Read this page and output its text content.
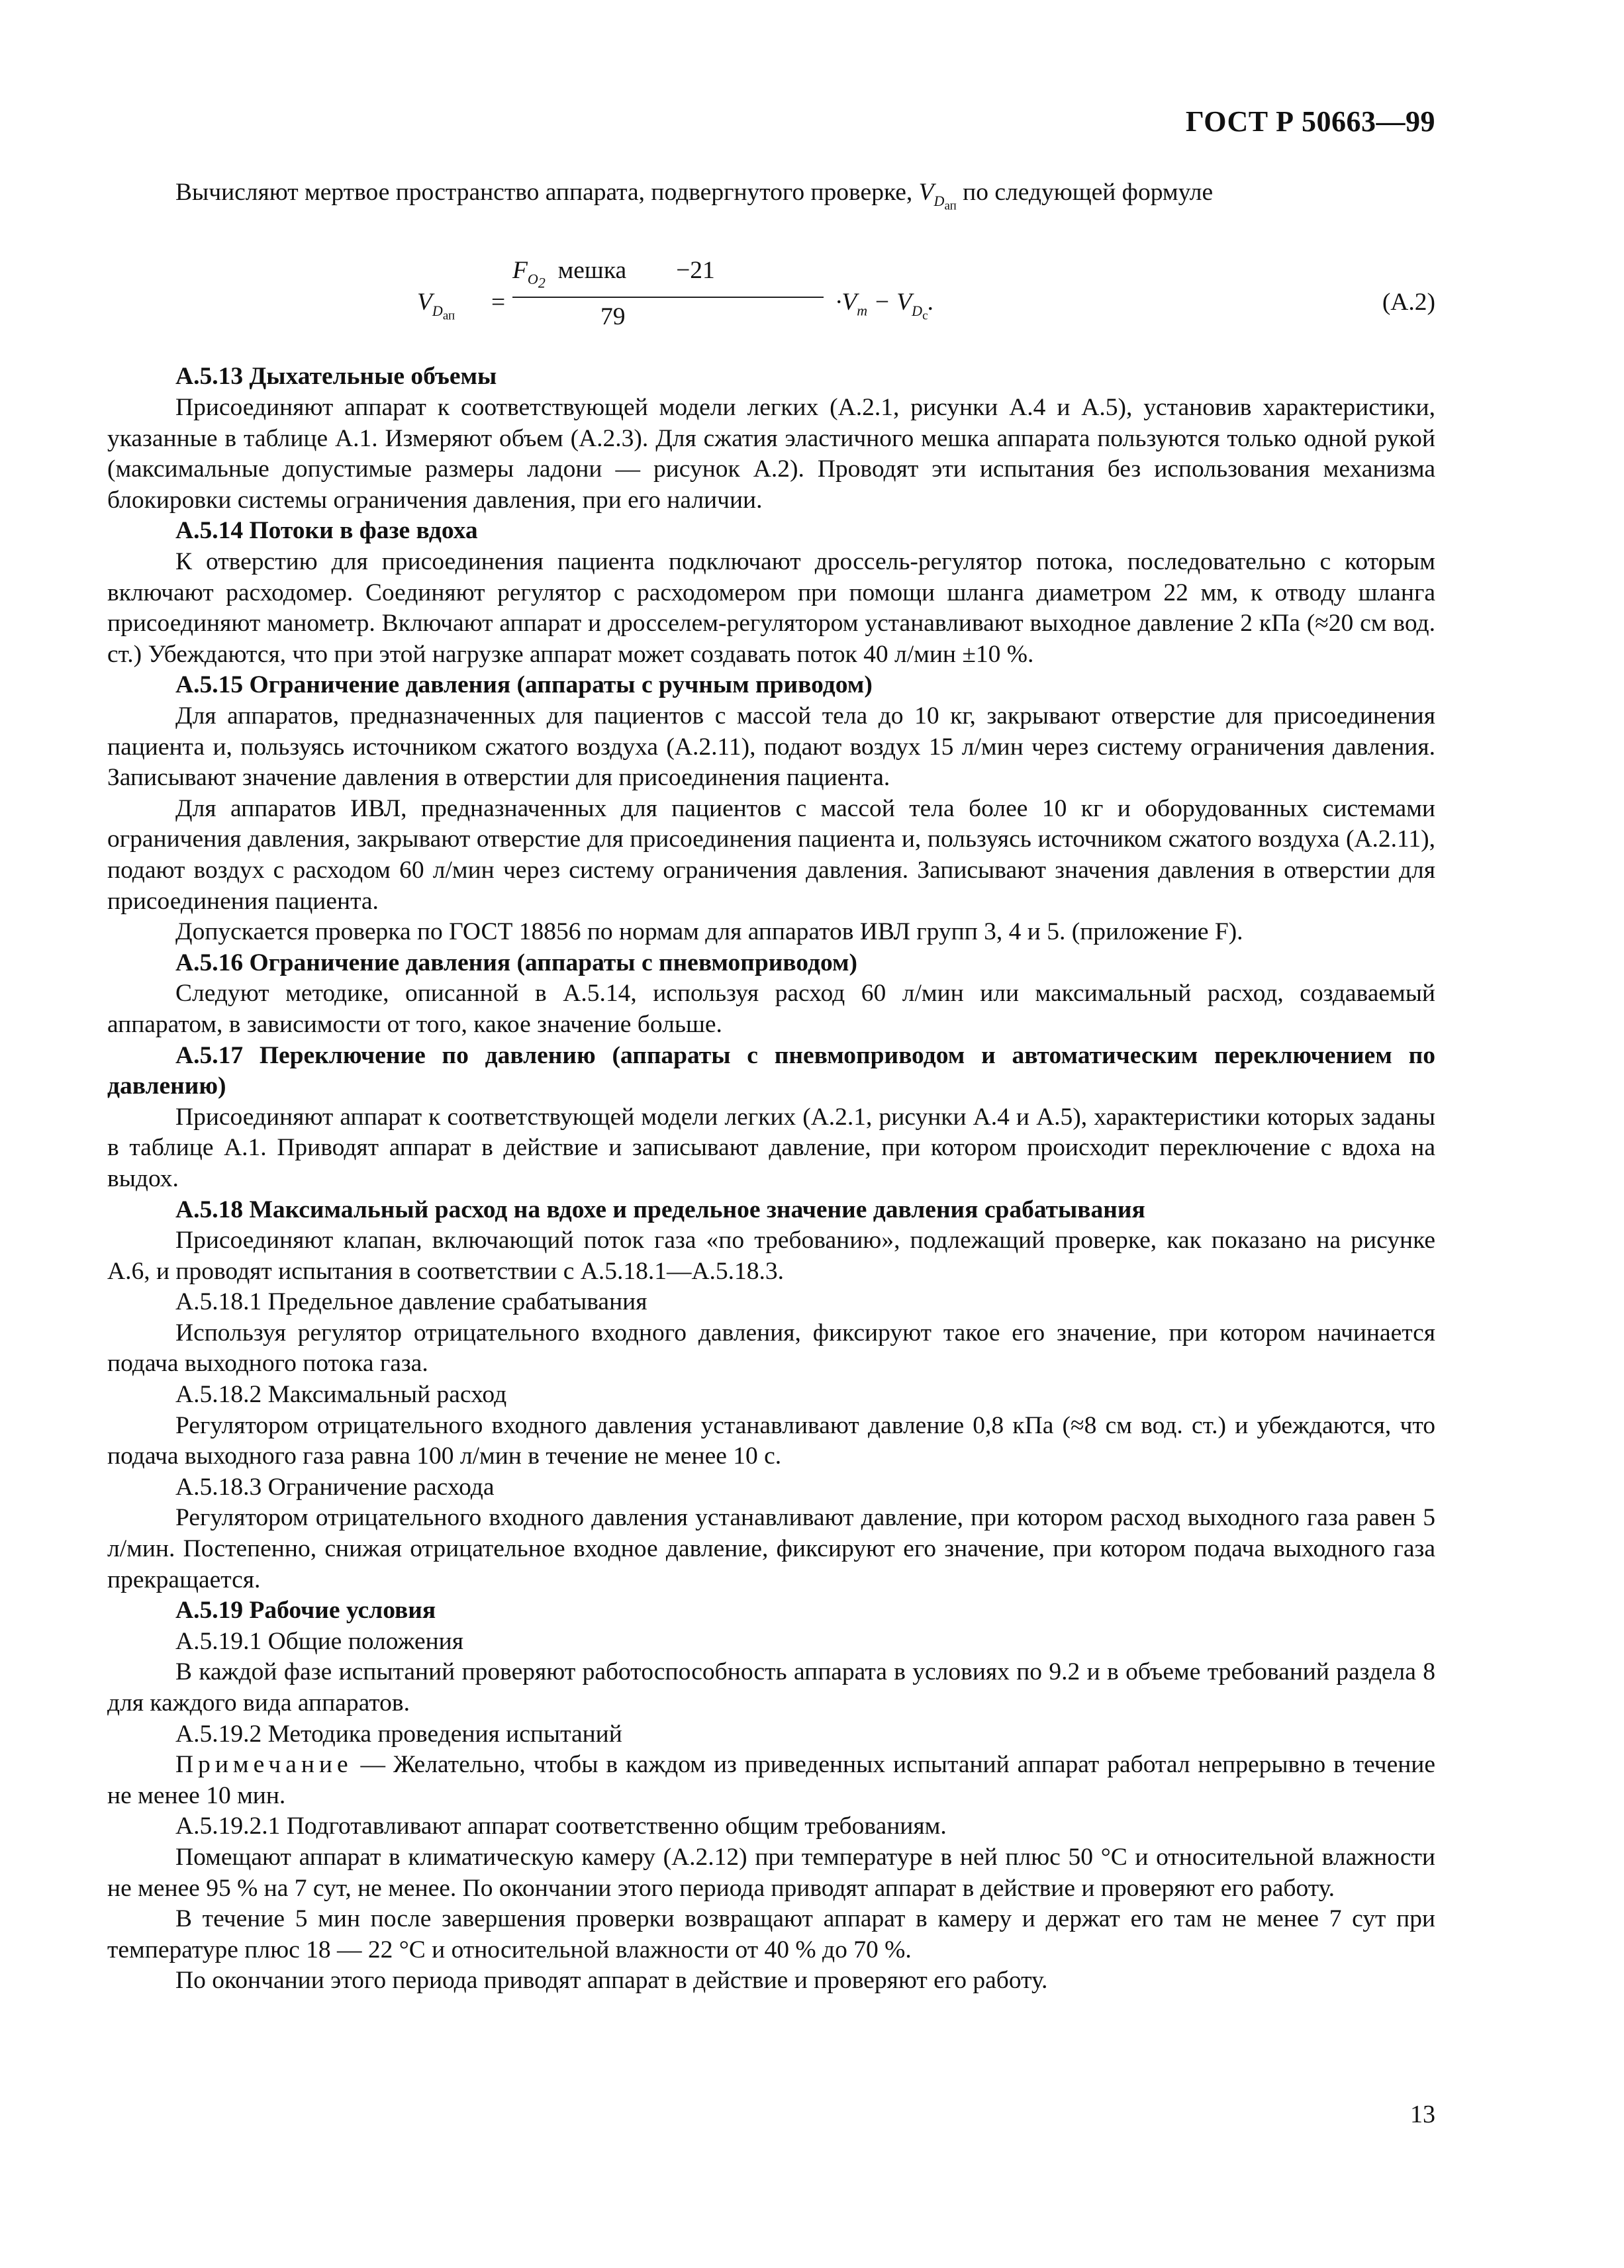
ГОСТ Р 50663—99

Вычисляют мертвое пространство аппарата, подвергнутого проверке, $V_{D_{ап}}$ по следующей формуле

$V_{D_{ап}}$ =
$F_{O_2}$ мешка −21
79
$\cdot V_т - V_{D_с}$.	(A.2)

А.5.13 Дыхательные объемы

Присоединяют аппарат к соответствующей модели легких (А.2.1, рисунки А.4 и А.5), установив характеристики, указанные в таблице А.1. Измеряют объем (А.2.3). Для сжатия эластичного мешка аппарата пользуются только одной рукой (максимальные допустимые размеры ладони — рисунок А.2). Проводят эти испытания без использования механизма блокировки системы ограничения давления, при его наличии.

А.5.14 Потоки в фазе вдоха

К отверстию для присоединения пациента подключают дроссель-регулятор потока, последовательно с которым включают расходомер. Соединяют регулятор с расходомером при помощи шланга диаметром 22 мм, к отводу шланга присоединяют манометр. Включают аппарат и дросселем-регулятором устанавливают выходное давление 2 кПа (≈20 см вод. ст.) Убеждаются, что при этой нагрузке аппарат может создавать поток 40 л/мин ±10 %.

А.5.15 Ограничение давления (аппараты с ручным приводом)

Для аппаратов, предназначенных для пациентов с массой тела до 10 кг, закрывают отверстие для присоединения пациента и, пользуясь источником сжатого воздуха (А.2.11), подают воздух 15 л/мин через систему ограничения давления. Записывают значение давления в отверстии для присоединения пациента.

Для аппаратов ИВЛ, предназначенных для пациентов с массой тела более 10 кг и оборудованных системами ограничения давления, закрывают отверстие для присоединения пациента и, пользуясь источником сжатого воздуха (А.2.11), подают воздух с расходом 60 л/мин через систему ограничения давления. Записывают значения давления в отверстии для присоединения пациента.

Допускается проверка по ГОСТ 18856 по нормам для аппаратов ИВЛ групп 3, 4 и 5. (приложение F).

А.5.16 Ограничение давления (аппараты с пневмоприводом)

Следуют методике, описанной в А.5.14, используя расход 60 л/мин или максимальный расход, создаваемый аппаратом, в зависимости от того, какое значение больше.

А.5.17 Переключение по давлению (аппараты с пневмоприводом и автоматическим переключением по давлению)

Присоединяют аппарат к соответствующей модели легких (А.2.1, рисунки А.4 и А.5), характеристики которых заданы в таблице А.1. Приводят аппарат в действие и записывают давление, при котором происходит переключение с вдоха на выдох.

А.5.18 Максимальный расход на вдохе и предельное значение давления срабатывания

Присоединяют клапан, включающий поток газа «по требованию», подлежащий проверке, как показано на рисунке А.6, и проводят испытания в соответствии с А.5.18.1—А.5.18.3.

А.5.18.1 Предельное давление срабатывания

Используя регулятор отрицательного входного давления, фиксируют такое его значение, при котором начинается подача выходного потока газа.

А.5.18.2 Максимальный расход

Регулятором отрицательного входного давления устанавливают давление 0,8 кПа (≈8 см вод. ст.) и убеждаются, что подача выходного газа равна 100 л/мин в течение не менее 10 с.

А.5.18.3 Ограничение расхода

Регулятором отрицательного входного давления устанавливают давление, при котором расход выходного газа равен 5 л/мин. Постепенно, снижая отрицательное входное давление, фиксируют его значение, при котором подача выходного газа прекращается.

А.5.19 Рабочие условия

А.5.19.1 Общие положения

В каждой фазе испытаний проверяют работоспособность аппарата в условиях по 9.2 и в объеме требований раздела 8 для каждого вида аппаратов.

А.5.19.2 Методика проведения испытаний

Примечание — Желательно, чтобы в каждом из приведенных испытаний аппарат работал непрерывно в течение не менее 10 мин.

А.5.19.2.1 Подготавливают аппарат соответственно общим требованиям.

Помещают аппарат в климатическую камеру (А.2.12) при температуре в ней плюс 50 °С и относительной влажности не менее 95 % на 7 сут, не менее. По окончании этого периода приводят аппарат в действие и проверяют его работу.

В течение 5 мин после завершения проверки возвращают аппарат в камеру и держат его там не менее 7 сут при температуре плюс 18 — 22 °С и относительной влажности от 40 % до 70 %.

По окончании этого периода приводят аппарат в действие и проверяют его работу.

13
